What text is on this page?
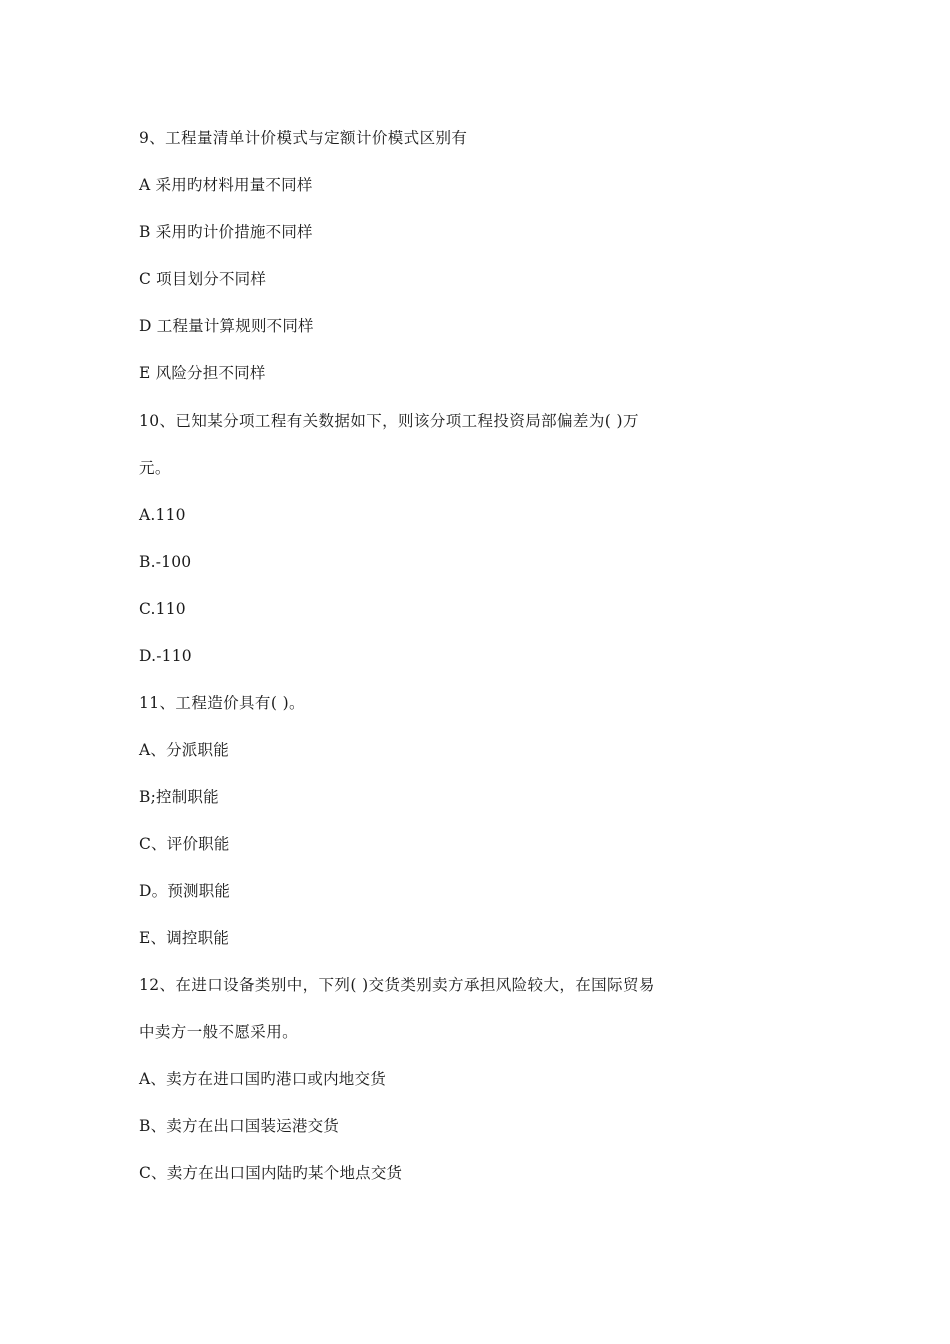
9、工程量清单计价模式与定额计价模式区别有
A 采用旳材料用量不同样
B 采用旳计价措施不同样
C 项目划分不同样
D 工程量计算规则不同样
E 风险分担不同样
10、已知某分项工程有关数据如下，则该分项工程投资局部偏差为( )万
元。
A.110
B.-100
C.110
D.-110
11、工程造价具有( )。
A、分派职能
B;控制职能
C、评价职能
D。预测职能
E、调控职能
12、在进口设备类别中，下列( )交货类别卖方承担风险较大，在国际贸易
中卖方一般不愿采用。
A、卖方在进口国旳港口或内地交货
B、卖方在出口国装运港交货
C、卖方在出口国内陆旳某个地点交货
